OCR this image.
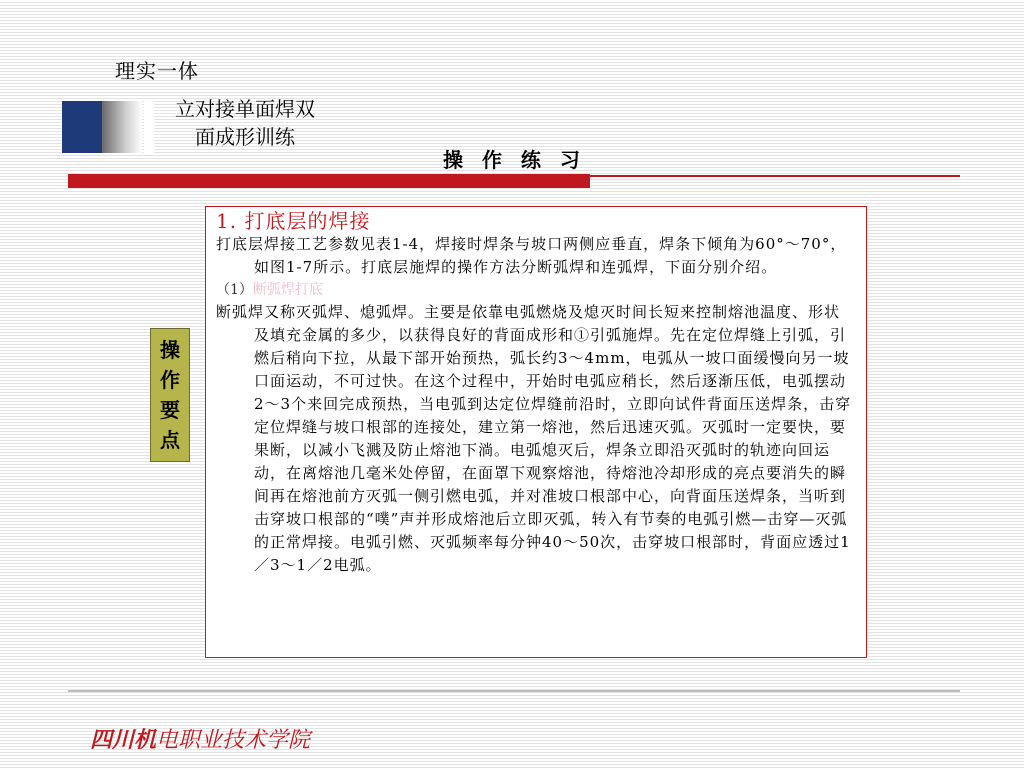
理实一体
立对接单面焊双
面成形训练
操 作 练 习
操
作
要
点
1. 打底层的焊接

打底层焊接工艺参数见表1-4，焊接时焊条与坡口两侧应垂直，焊条下倾角为60°～70°，如图1-7所示。打底层施焊的操作方法分断弧焊和连弧焊，下面分别介绍。

（1）断弧焊打底

断弧焊又称灭弧焊、熄弧焊。主要是依靠电弧燃烧及熄灭时间长短来控制熔池温度、形状及填充金属的多少，以获得良好的背面成形和①引弧施焊。先在定位焊缝上引弧，引燃后稍向下拉，从最下部开始预热，弧长约3～4mm，电弧从一坡口面缓慢向另一坡口面运动，不可过快。在这个过程中，开始时电弧应稍长，然后逐渐压低，电弧摆动2～3个来回完成预热，当电弧到达定位焊缝前沿时，立即向试件背面压送焊条，击穿定位焊缝与坡口根部的连接处，建立第一熔池，然后迅速灭弧。灭弧时一定要快，要果断，以减小飞溅及防止熔池下淌。电弧熄灭后，焊条立即沿灭弧时的轨迹向回运动，在离熔池几毫米处停留，在面罩下观察熔池，待熔池冷却形成的亮点要消失的瞬间再在熔池前方灭弧一侧引燃电弧，并对准坡口根部中心，向背面压送焊条，当听到击穿坡口根部的“噗”声并形成熔池后立即灭弧，转入有节奏的电弧引燃—击穿—灭弧的正常焊接。电弧引燃、灭弧频率每分钟40～50次，击穿坡口根部时，背面应透过1／3～1／2电弧。

四川机电职业技术学院
